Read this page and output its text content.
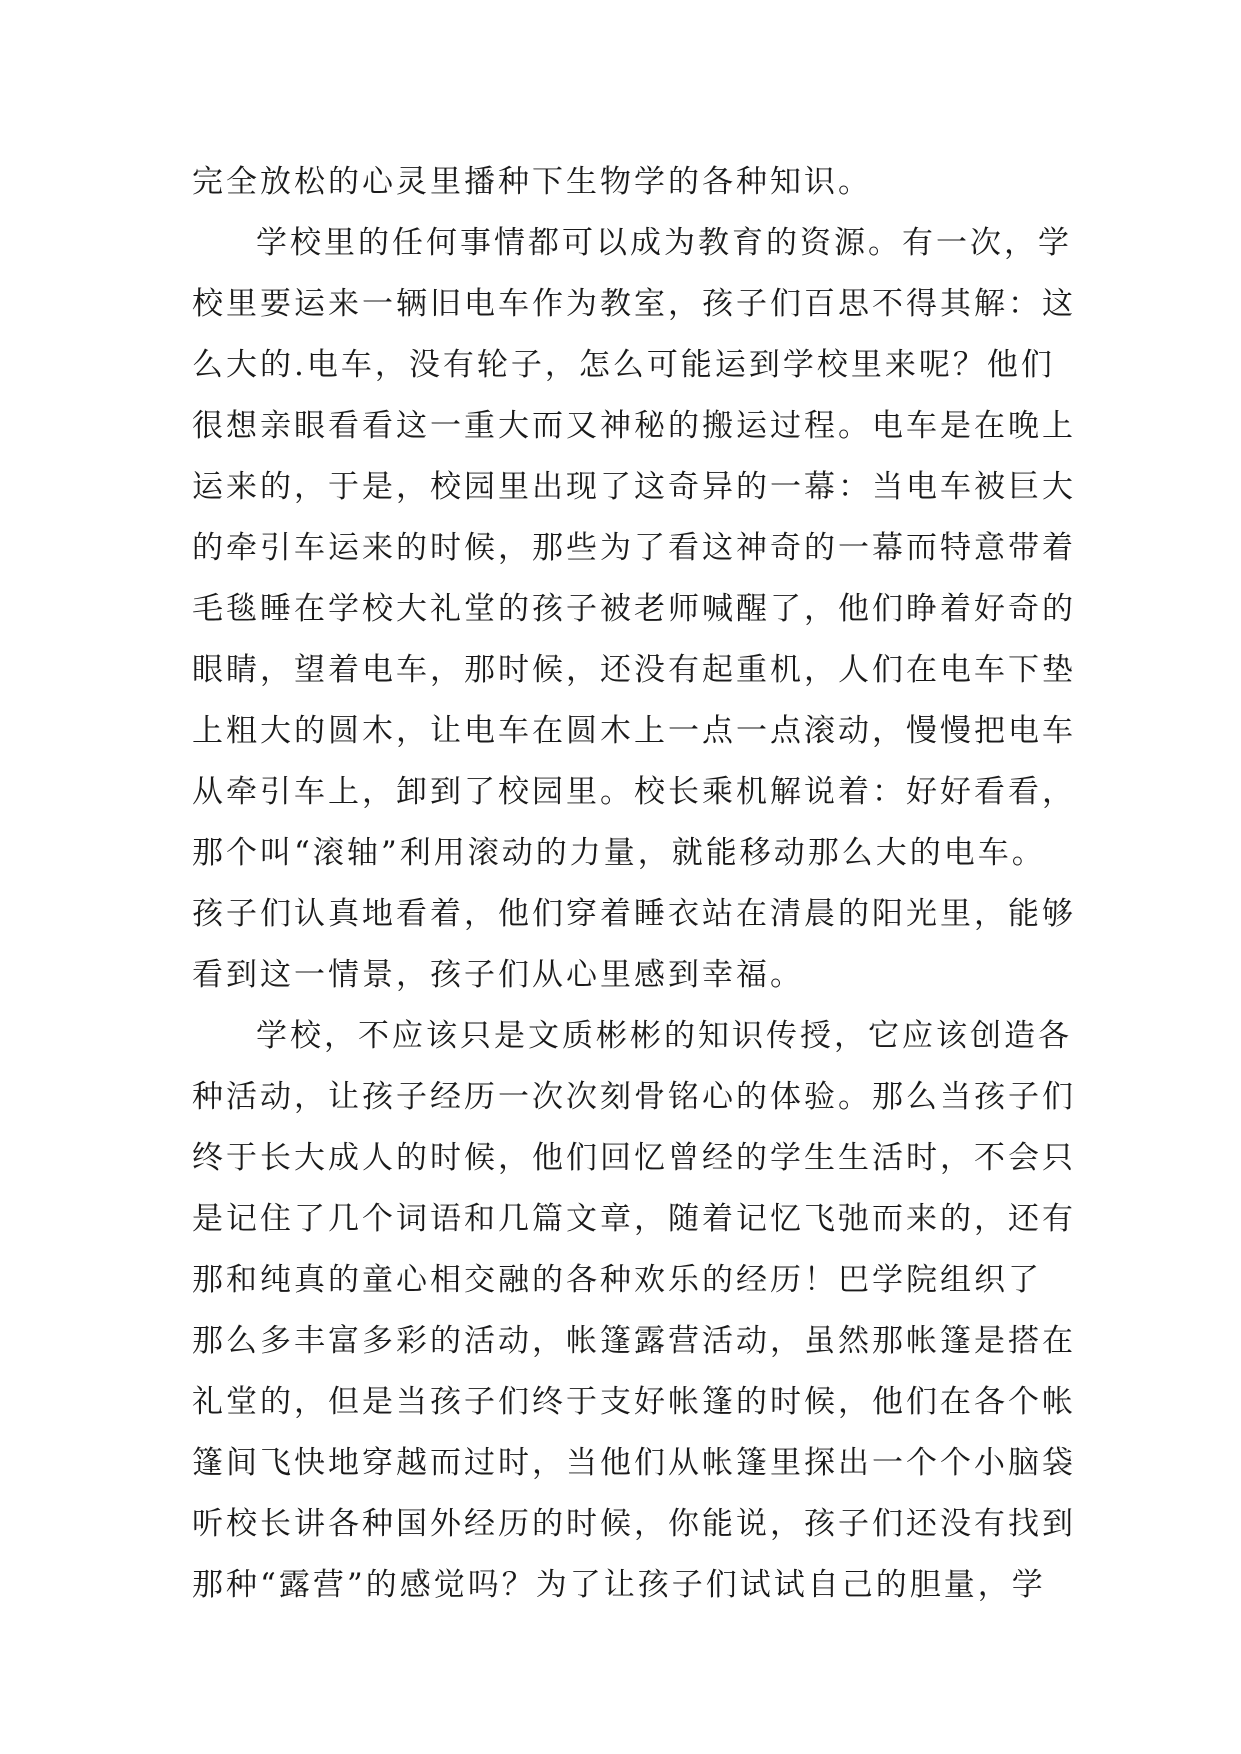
完全放松的心灵里播种下生物学的各种知识。
学校里的任何事情都可以成为教育的资源。有一次，学
校里要运来一辆旧电车作为教室，孩子们百思不得其解：这
么大的.电车，没有轮子，怎么可能运到学校里来呢？他们
很想亲眼看看这一重大而又神秘的搬运过程。电车是在晚上
运来的，于是，校园里出现了这奇异的一幕：当电车被巨大
的牵引车运来的时候，那些为了看这神奇的一幕而特意带着
毛毯睡在学校大礼堂的孩子被老师喊醒了，他们睁着好奇的
眼睛，望着电车，那时候，还没有起重机，人们在电车下垫
上粗大的圆木，让电车在圆木上一点一点滚动，慢慢把电车
从牵引车上，卸到了校园里。校长乘机解说着：好好看看，
那个叫“滚轴”利用滚动的力量，就能移动那么大的电车。
孩子们认真地看着，他们穿着睡衣站在清晨的阳光里，能够
看到这一情景，孩子们从心里感到幸福。
学校，不应该只是文质彬彬的知识传授，它应该创造各
种活动，让孩子经历一次次刻骨铭心的体验。那么当孩子们
终于长大成人的时候，他们回忆曾经的学生生活时，不会只
是记住了几个词语和几篇文章，随着记忆飞弛而来的，还有
那和纯真的童心相交融的各种欢乐的经历！巴学院组织了
那么多丰富多彩的活动，帐篷露营活动，虽然那帐篷是搭在
礼堂的，但是当孩子们终于支好帐篷的时候，他们在各个帐
篷间飞快地穿越而过时，当他们从帐篷里探出一个个小脑袋
听校长讲各种国外经历的时候，你能说，孩子们还没有找到
那种“露营”的感觉吗？为了让孩子们试试自己的胆量，学
